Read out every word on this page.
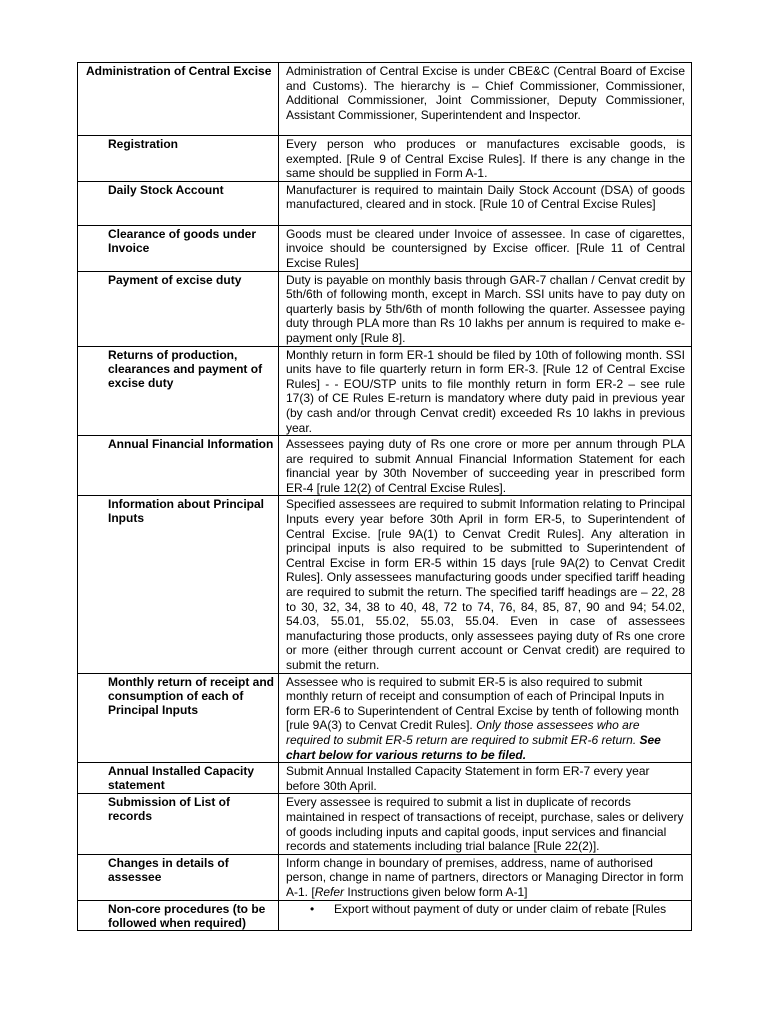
Administration of Central Excise	Administration of Central Excise is under CBE&C (Central Board of Excise and Customs). The hierarchy is – Chief Commissioner, Commissioner, Additional Commissioner, Joint Commissioner, Deputy Commissioner, Assistant Commissioner, Superintendent and Inspector.

Registration	Every person who produces or manufactures excisable goods, is exempted. [Rule 9 of Central Excise Rules]. If there is any change in the same should be supplied in Form A-1.

Daily Stock Account	Manufacturer is required to maintain Daily Stock Account (DSA) of goods manufactured, cleared and in stock. [Rule 10 of Central Excise Rules]

Clearance of goods under Invoice	Goods must be cleared under Invoice of assessee. In case of cigarettes, invoice should be countersigned by Excise officer. [Rule 11 of Central Excise Rules]

Payment of excise duty	Duty is payable on monthly basis through GAR-7 challan / Cenvat credit by 5th/6th of following month, except in March. SSI units have to pay duty on quarterly basis by 5th/6th of month following the quarter. Assessee paying duty through PLA more than Rs 10 lakhs per annum is required to make e-payment only [Rule 8].

Returns of production, clearances and payment of excise duty	Monthly return in form ER-1 should be filed by 10th of following month. SSI units have to file quarterly return in form ER-3. [Rule 12 of Central Excise Rules] - - EOU/STP units to file monthly return in form ER-2 – see rule 17(3) of CE Rules E-return is mandatory where duty paid in previous year (by cash and/or through Cenvat credit) exceeded Rs 10 lakhs in previous year.

Annual Financial Information	Assessees paying duty of Rs one crore or more per annum through PLA are required to submit Annual Financial Information Statement for each financial year by 30th November of succeeding year in prescribed form ER-4 [rule 12(2) of Central Excise Rules].

Information about Principal Inputs	Specified assessees are required to submit Information relating to Principal Inputs every year before 30th April in form ER-5, to Superintendent of Central Excise. [rule 9A(1) to Cenvat Credit Rules]. Any alteration in principal inputs is also required to be submitted to Superintendent of Central Excise in form ER-5 within 15 days [rule 9A(2) to Cenvat Credit Rules]. Only assessees manufacturing goods under specified tariff heading are required to submit the return. The specified tariff headings are – 22, 28 to 30, 32, 34, 38 to 40, 48, 72 to 74, 76, 84, 85, 87, 90 and 94; 54.02, 54.03, 55.01, 55.02, 55.03, 55.04. Even in case of assessees manufacturing those products, only assessees paying duty of Rs one crore or more (either through current account or Cenvat credit) are required to submit the return.

Monthly return of receipt and consumption of each of Principal Inputs	Assessee who is required to submit ER-5 is also required to submit monthly return of receipt and consumption of each of Principal Inputs in form ER-6 to Superintendent of Central Excise by tenth of following month [rule 9A(3) to Cenvat Credit Rules]. Only those assessees who are required to submit ER-5 return are required to submit ER-6 return. See chart below for various returns to be filed.

Annual Installed Capacity statement	Submit Annual Installed Capacity Statement in form ER-7 every year before 30th April.

Submission of List of records	Every assessee is required to submit a list in duplicate of records maintained in respect of transactions of receipt, purchase, sales or delivery of goods including inputs and capital goods, input services and financial records and statements including trial balance [Rule 22(2)].

Changes in details of assessee	Inform change in boundary of premises, address, name of authorised person, change in name of partners, directors or Managing Director in form A-1. [Refer Instructions given below form A-1]

Non-core procedures (to be followed when required)	• Export without payment of duty or under claim of rebate [Rules
